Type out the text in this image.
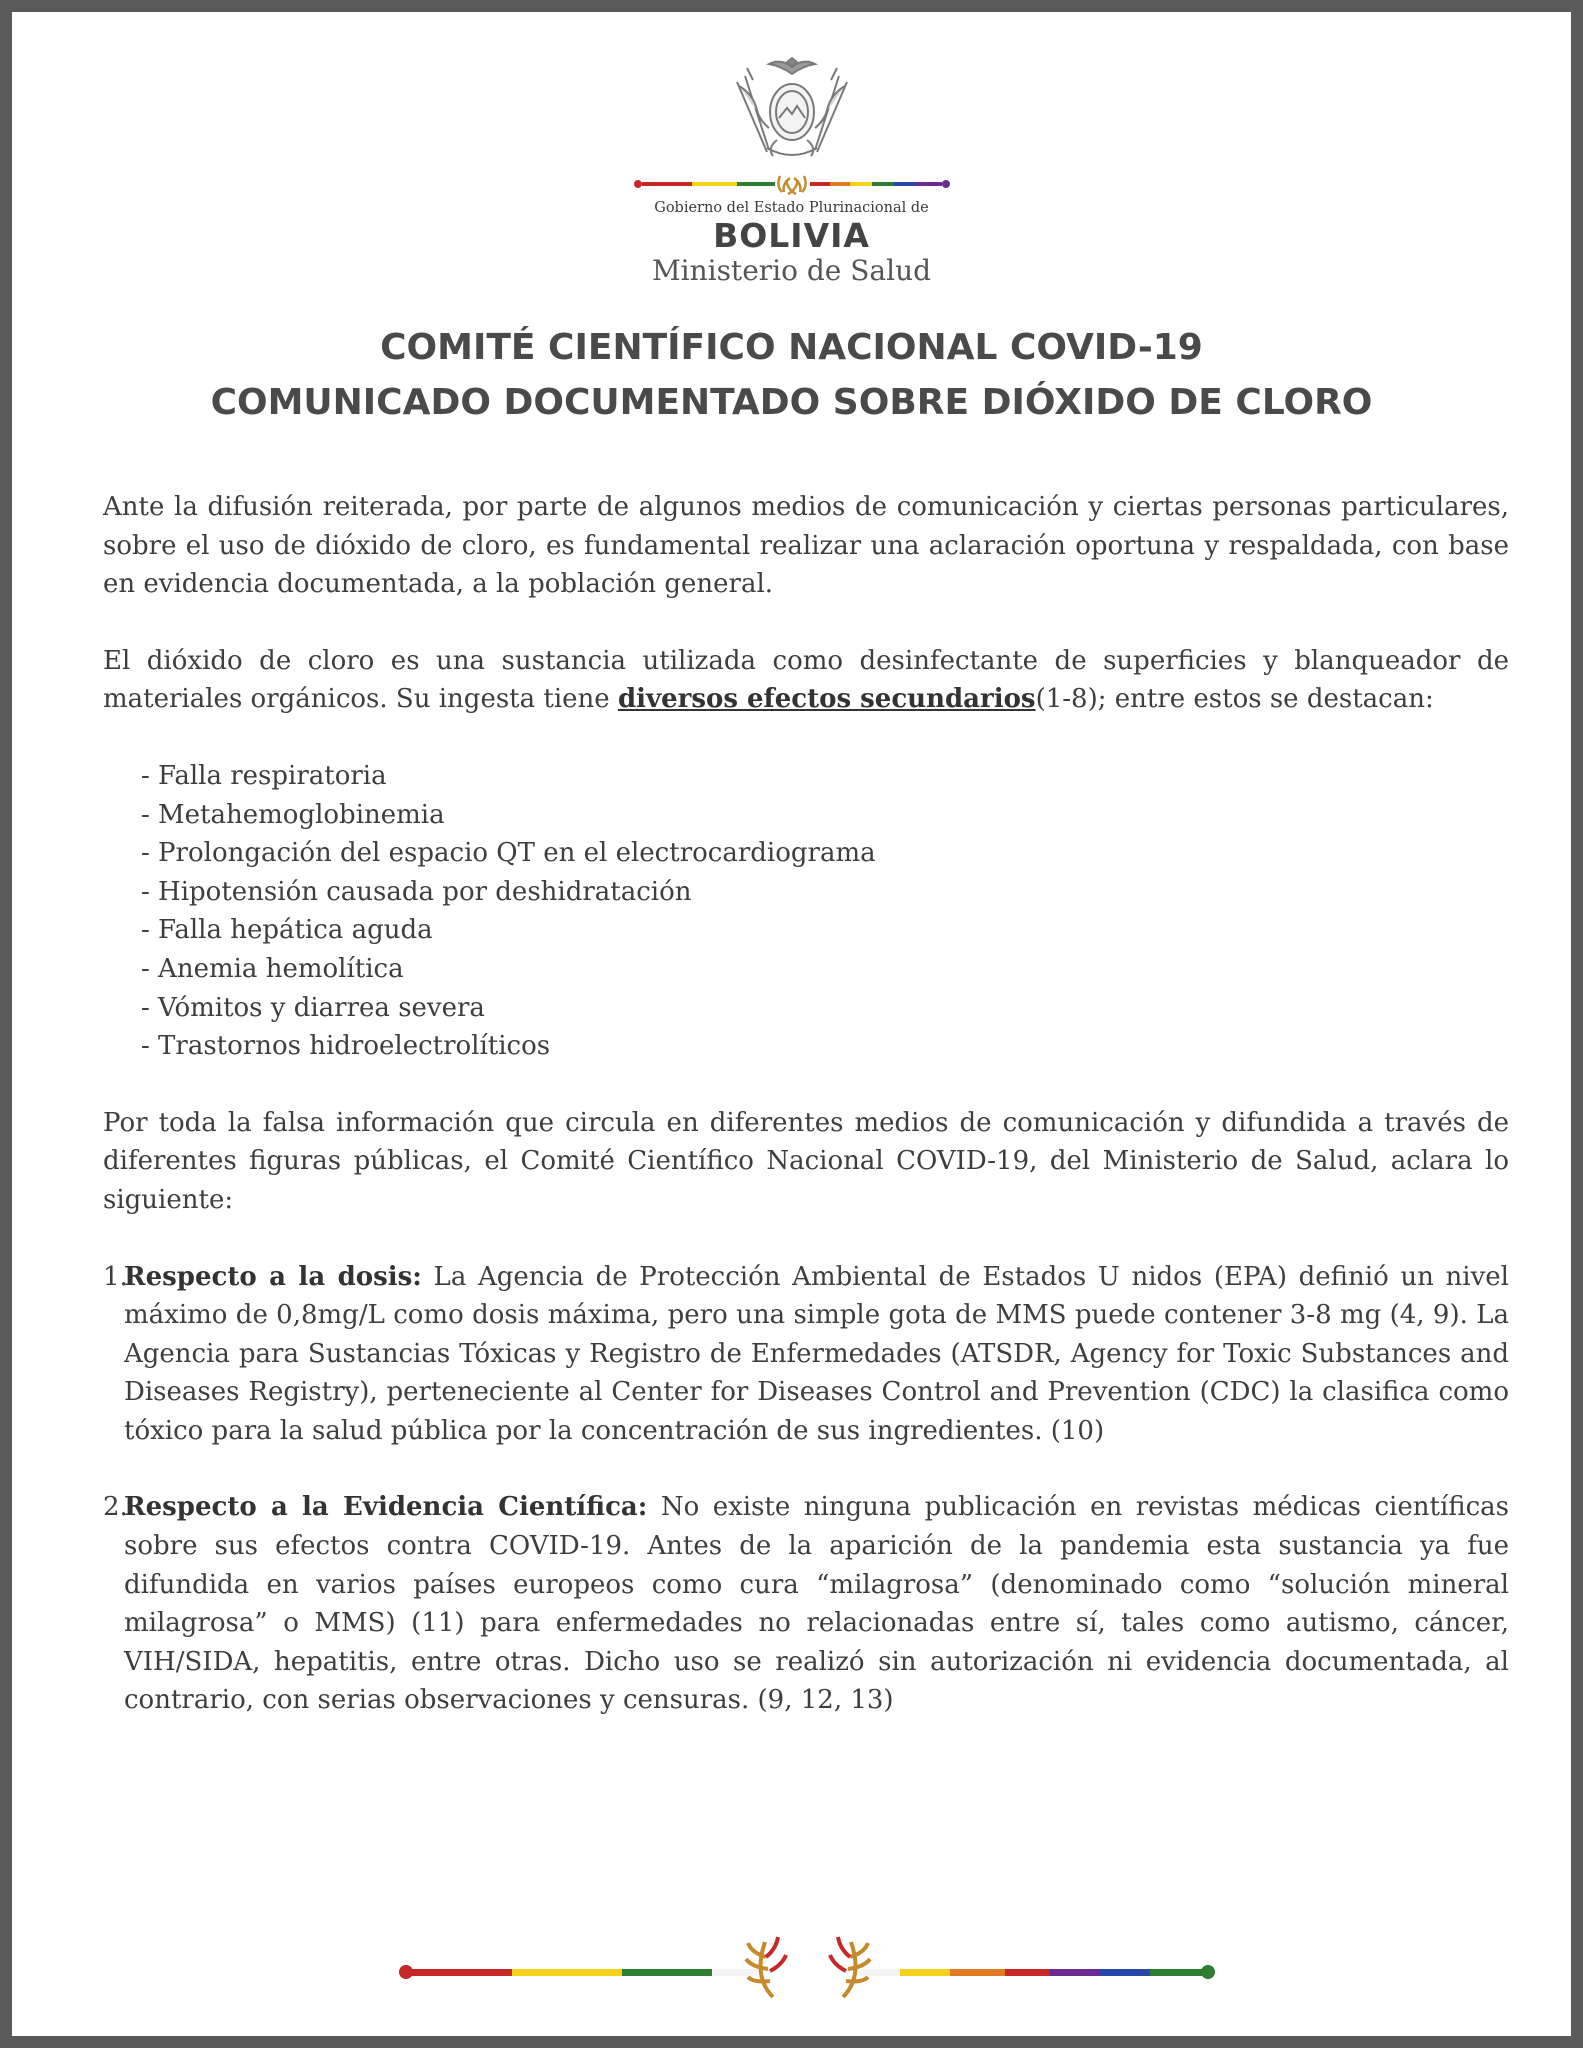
Gobierno del Estado Plurinacional de
BOLIVIA
Ministerio de Salud
COMITÉ CIENTÍFICO NACIONAL COVID-19
COMUNICADO DOCUMENTADO SOBRE DIÓXIDO DE CLORO

Ante la difusión reiterada, por parte de algunos medios de comunicación y ciertas personas particulares, sobre el uso de dióxido de cloro, es fundamental realizar una aclaración oportuna y respaldada, con base en evidencia documentada, a la población general.

El dióxido de cloro es una sustancia utilizada como desinfectante de superficies y blanqueador de materiales orgánicos. Su ingesta tiene diversos efectos secundarios(1-8); entre estos se destacan:

- Falla respiratoria
- Metahemoglobinemia
- Prolongación del espacio QT en el electrocardiograma
- Hipotensión causada por deshidratación
- Falla hepática aguda
- Anemia hemolítica
- Vómitos y diarrea severa
- Trastornos hidroelectrolíticos

Por toda la falsa información que circula en diferentes medios de comunicación y difundida a través de diferentes figuras públicas, el Comité Científico Nacional COVID-19, del Ministerio de Salud, aclara lo siguiente:

1.
Respecto a la dosis: La Agencia de Protección Ambiental de Estados U nidos (EPA) definió un nivel máximo de 0,8mg/L como dosis máxima, pero una simple gota de MMS puede contener 3-8 mg (4, 9). La Agencia para Sustancias Tóxicas y Registro de Enfermedades (ATSDR, Agency for Toxic Substances and Diseases Registry), perteneciente al Center for Diseases Control and Prevention (CDC) la clasifica como tóxico para la salud pública por la concentración de sus ingredientes. (10)
2.
Respecto a la Evidencia Científica: No existe ninguna publicación en revistas médicas científicas sobre sus efectos contra COVID-19. Antes de la aparición de la pandemia esta sustancia ya fue difundida en varios países europeos como cura “milagrosa” (denominado como “solución mineral milagrosa” o MMS) (11) para enfermedades no relacionadas entre sí, tales como autismo, cáncer, VIH/SIDA, hepatitis, entre otras. Dicho uso se realizó sin autorización ni evidencia documentada, al contrario, con serias observaciones y censuras. (9, 12, 13)
